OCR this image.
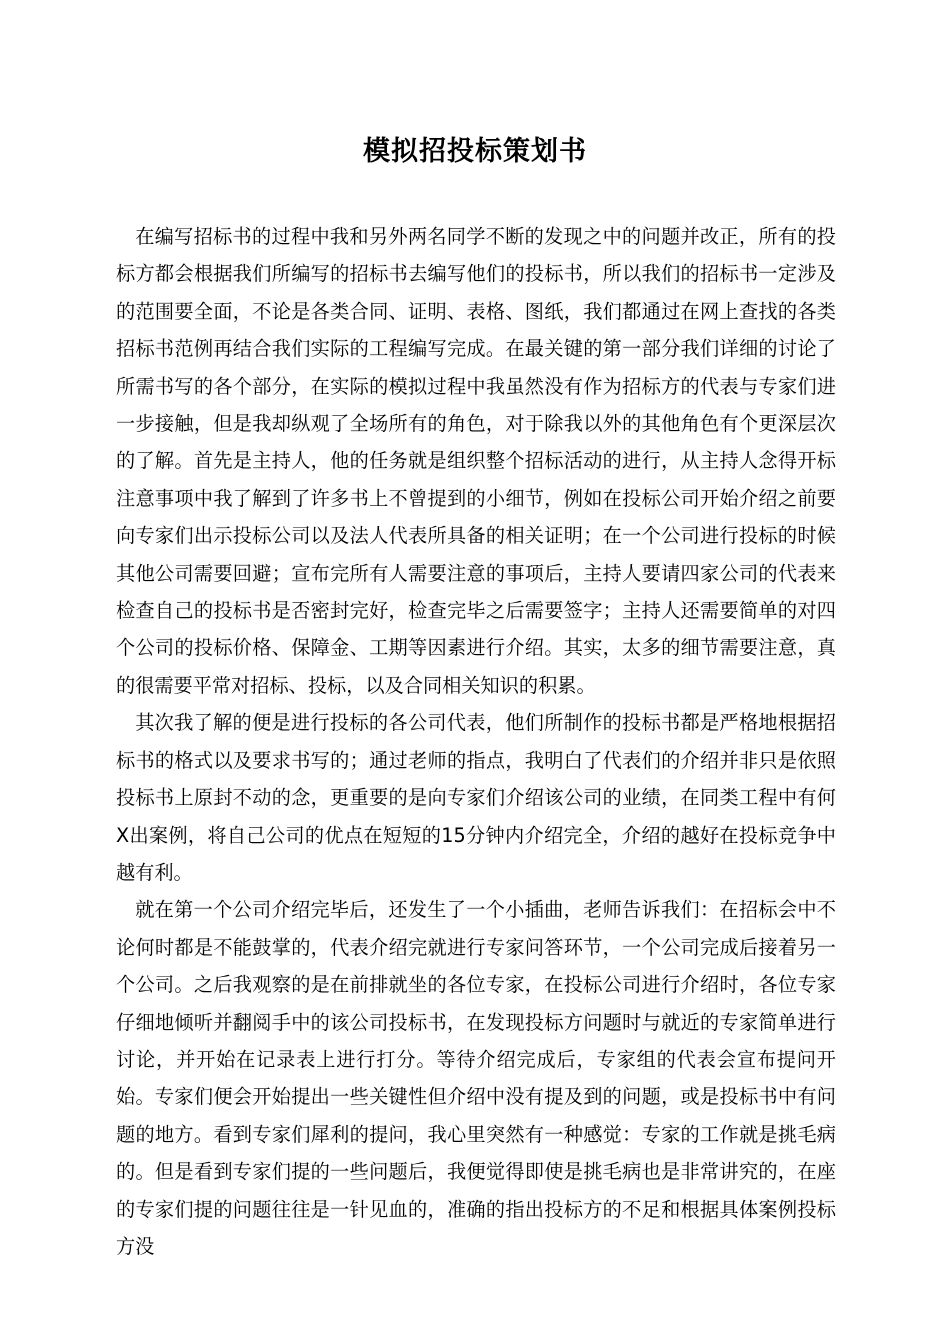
模拟招投标策划书

在编写招标书的过程中我和另外两名同学不断的发现之中的问题并改正，所有的投标方都会根据我们所编写的招标书去编写他们的投标书，所以我们的招标书一定涉及的范围要全面，不论是各类合同、证明、表格、图纸，我们都通过在网上查找的各类招标书范例再结合我们实际的工程编写完成。在最关键的第一部分我们详细的讨论了所需书写的各个部分，在实际的模拟过程中我虽然没有作为招标方的代表与专家们进一步接触，但是我却纵观了全场所有的角色，对于除我以外的其他角色有个更深层次的了解。首先是主持人，他的任务就是组织整个招标活动的进行，从主持人念得开标注意事项中我了解到了许多书上不曾提到的小细节，例如在投标公司开始介绍之前要向专家们出示投标公司以及法人代表所具备的相关证明；在一个公司进行投标的时候其他公司需要回避；宣布完所有人需要注意的事项后，主持人要请四家公司的代表来检查自己的投标书是否密封完好，检查完毕之后需要签字；主持人还需要简单的对四个公司的投标价格、保障金、工期等因素进行介绍。其实，太多的细节需要注意，真的很需要平常对招标、投标，以及合同相关知识的积累。

其次我了解的便是进行投标的各公司代表，他们所制作的投标书都是严格地根据招标书的格式以及要求书写的；通过老师的指点，我明白了代表们的介绍并非只是依照投标书上原封不动的念，更重要的是向专家们介绍该公司的业绩，在同类工程中有何X出案例，将自己公司的优点在短短的15分钟内介绍完全，介绍的越好在投标竞争中越有利。

就在第一个公司介绍完毕后，还发生了一个小插曲，老师告诉我们：在招标会中不论何时都是不能鼓掌的，代表介绍完就进行专家问答环节，一个公司完成后接着另一个公司。之后我观察的是在前排就坐的各位专家，在投标公司进行介绍时，各位专家仔细地倾听并翻阅手中的该公司投标书，在发现投标方问题时与就近的专家简单进行讨论，并开始在记录表上进行打分。等待介绍完成后，专家组的代表会宣布提问开始。专家们便会开始提出一些关键性但介绍中没有提及到的问题，或是投标书中有问题的地方。看到专家们犀利的提问，我心里突然有一种感觉：专家的工作就是挑毛病的。但是看到专家们提的一些问题后，我便觉得即使是挑毛病也是非常讲究的，在座的专家们提的问题往往是一针见血的，准确的指出投标方的不足和根据具体案例投标方没
